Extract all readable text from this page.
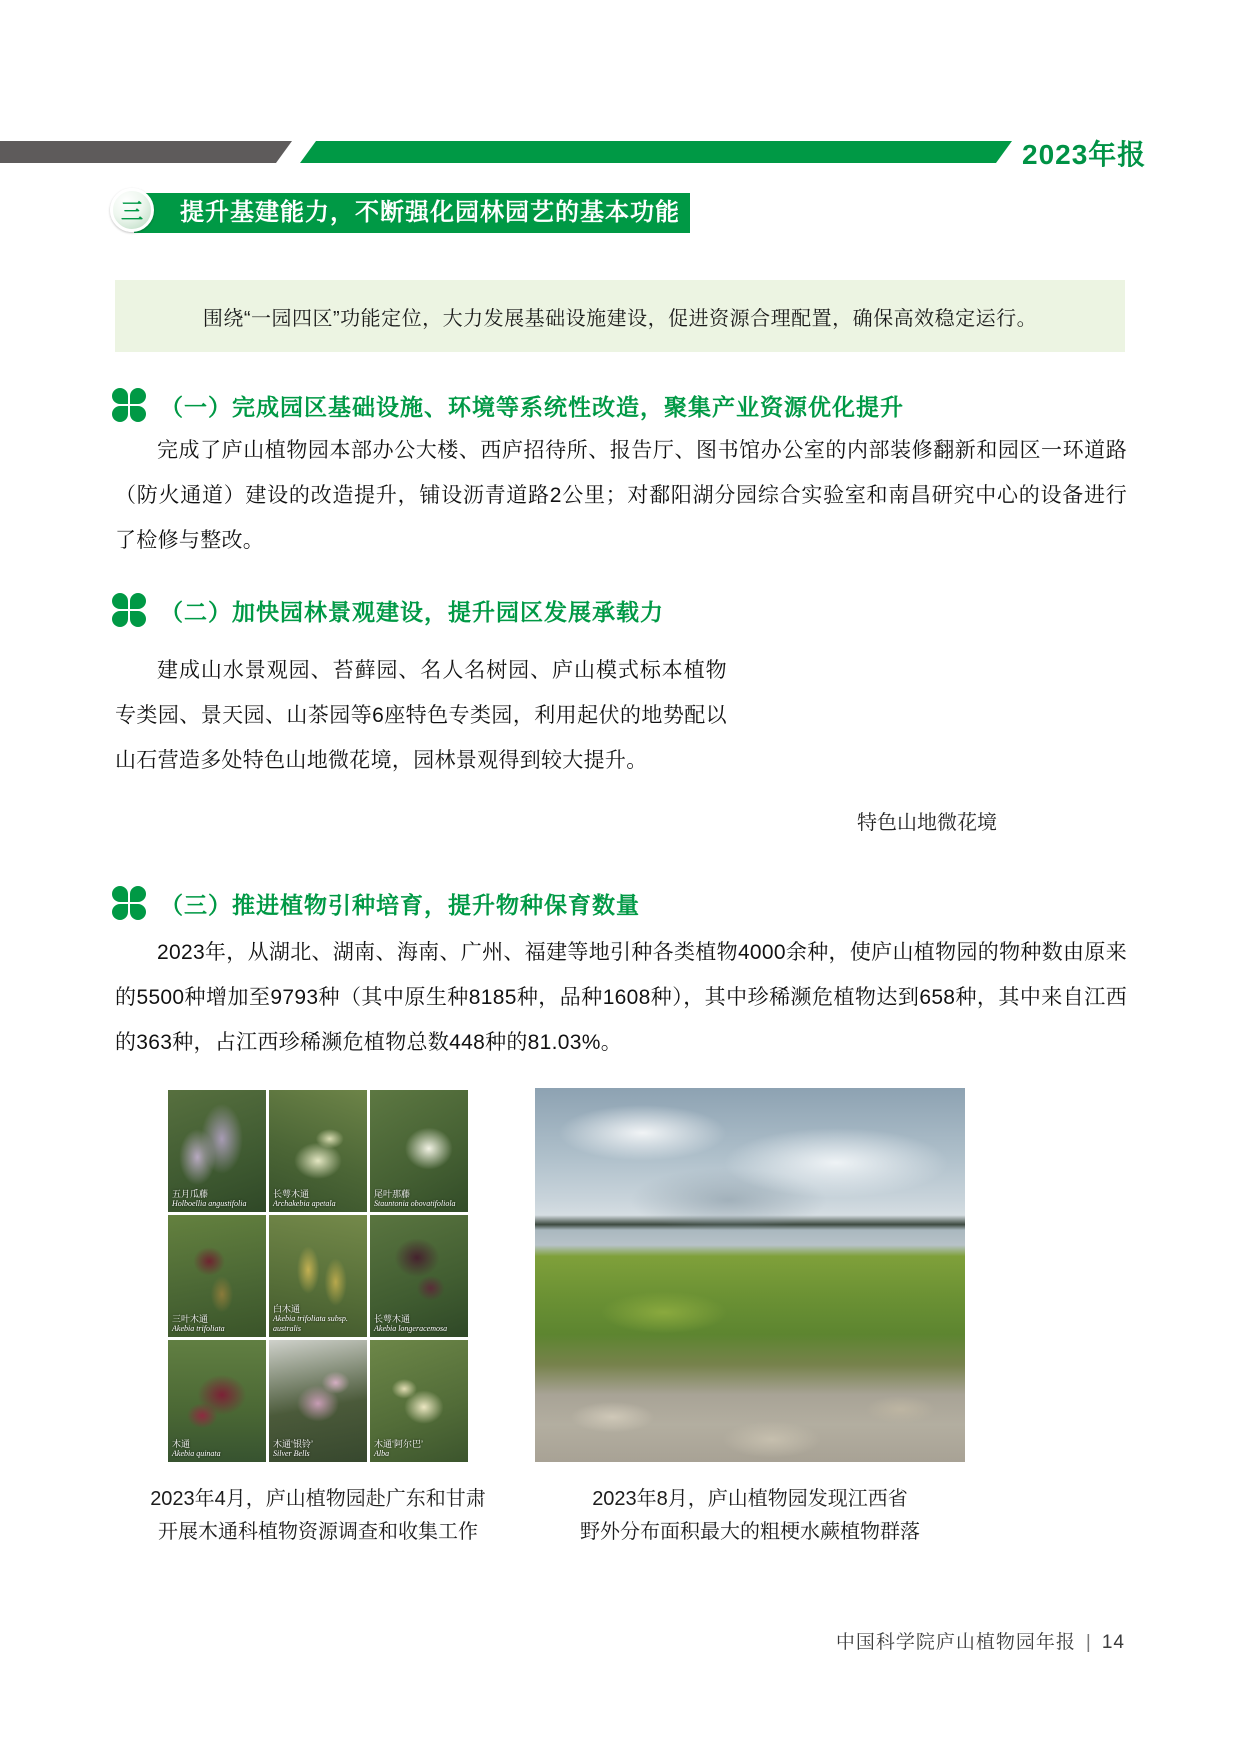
2023年报
提升基建能力，不断强化园林园艺的基本功能
三
围绕“一园四区”功能定位，大力发展基础设施建设，促进资源合理配置，确保高效稳定运行。
（一）完成园区基础设施、环境等系统性改造，聚集产业资源优化提升

完成了庐山植物园本部办公大楼、西庐招待所、报告厅、图书馆办公室的内部装修翻新和园区一环道路（防火通道）建设的改造提升，铺设沥青道路2公里；对鄱阳湖分园综合实验室和南昌研究中心的设备进行了检修与整改。

（二）加快园林景观建设，提升园区发展承载力

建成山水景观园、苔藓园、名人名树园、庐山模式标本植物专类园、景天园、山茶园等6座特色专类园，利用起伏的地势配以山石营造多处特色山地微花境，园林景观得到较大提升。

特色山地微花境
（三）推进植物引种培育，提升物种保育数量

2023年，从湖北、湖南、海南、广州、福建等地引种各类植物4000余种，使庐山植物园的物种数由原来的5500种增加至9793种（其中原生种8185种，品种1608种），其中珍稀濒危植物达到658种，其中来自江西的363种，占江西珍稀濒危植物总数448种的81.03%。

五月瓜藤
Holboellia angustifolia
长萼木通
Archakebia apetala
尾叶那藤
Stauntonia obovatifoliola
三叶木通
Akebia trifoliata
白木通
Akebia trifoliata subsp. australis
长萼木通
Akebia longeracemosa
木通
Akebia quinata
木通‘银铃’
Silver Bells
木通‘阿尔巴’
Alba
2023年4月，庐山植物园赴广东和甘肃
开展木通科植物资源调查和收集工作
2023年8月，庐山植物园发现江西省
野外分布面积最大的粗梗水蕨植物群落
中国科学院庐山植物园年报 | 14
